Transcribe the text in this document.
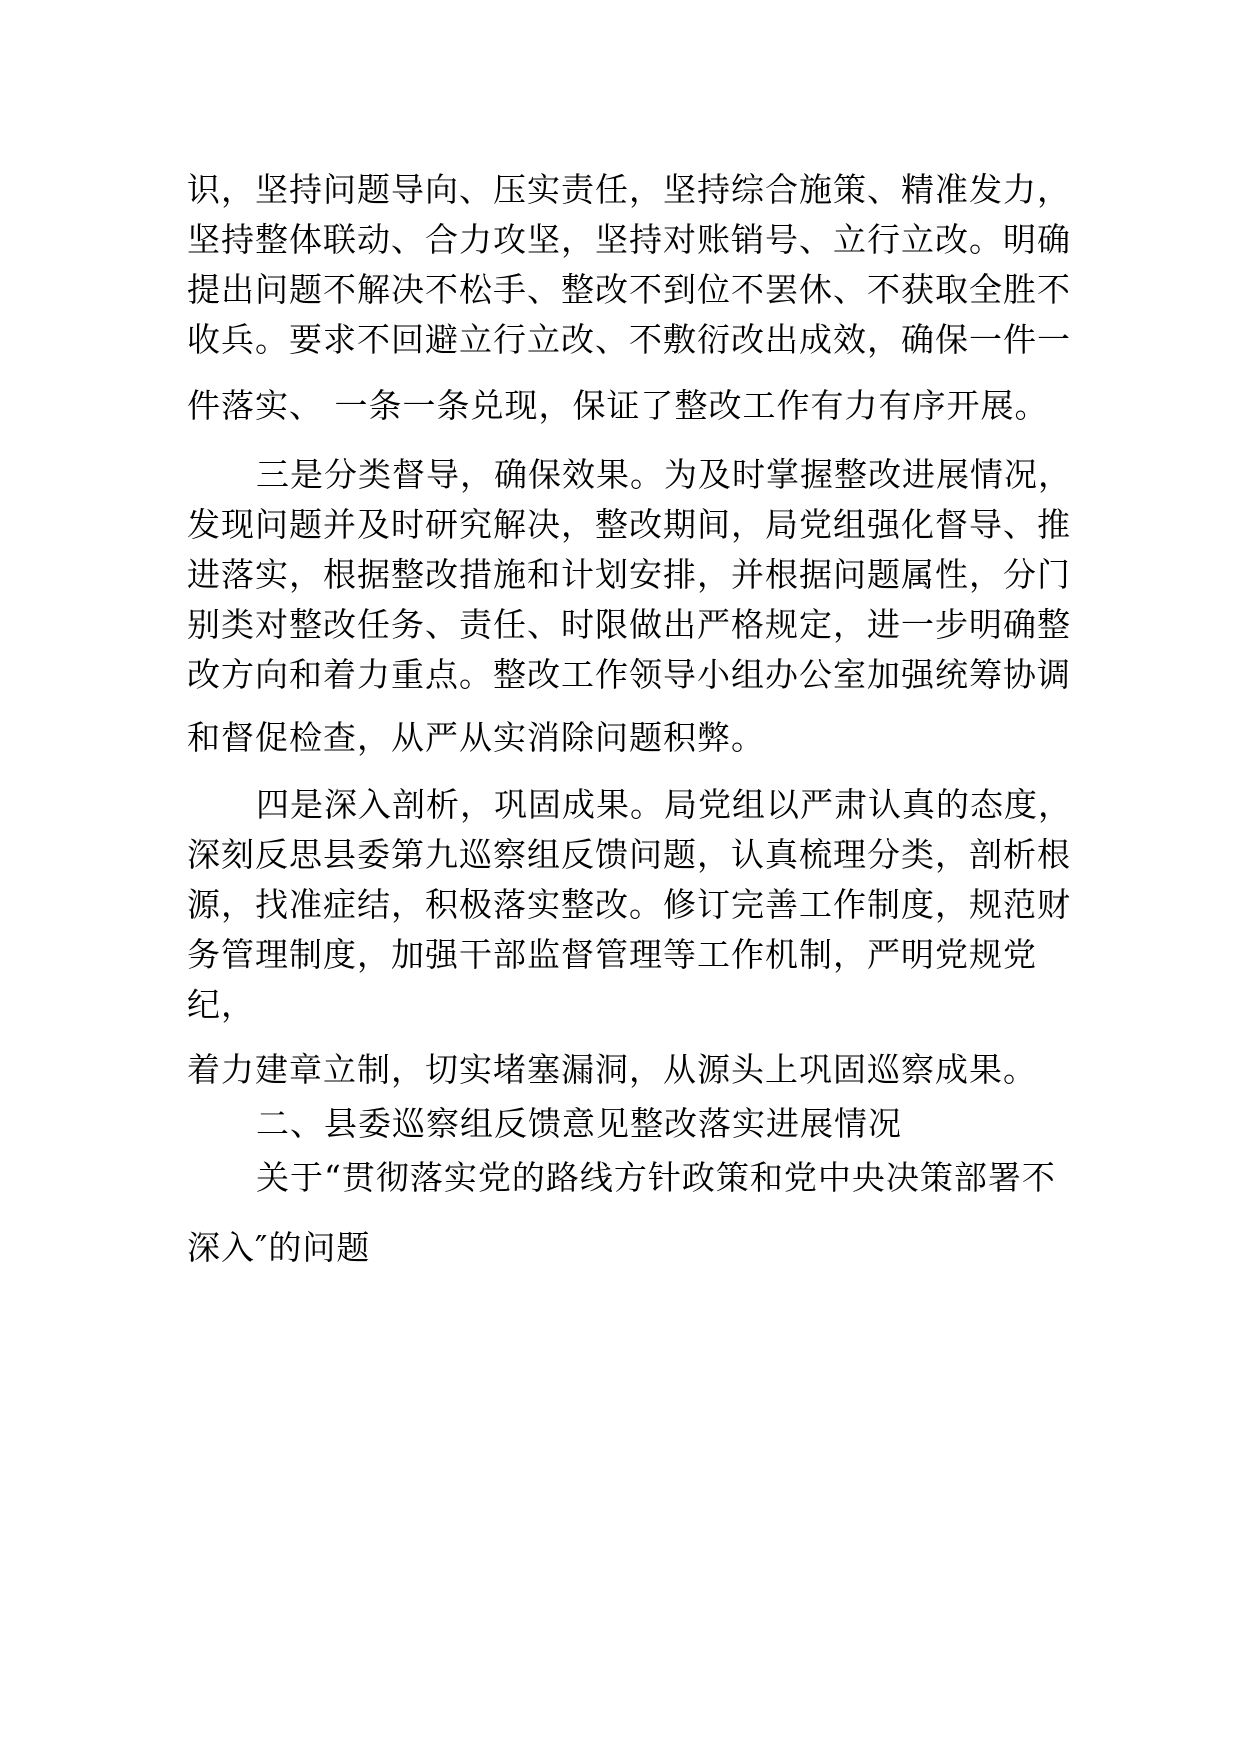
识，坚持问题导向、压实责任，坚持综合施策、精准发力，
坚持整体联动、合力攻坚，坚持对账销号、立行立改。明确
提出问题不解决不松手、整改不到位不罢休、不获取全胜不
收兵。要求不回避立行立改、不敷衍改出成效，确保一件一
件落实、 一条一条兑现，保证了整改工作有力有序开展。
三是分类督导，确保效果。为及时掌握整改进展情况，
发现问题并及时研究解决，整改期间，局党组强化督导、推
进落实，根据整改措施和计划安排，并根据问题属性，分门
别类对整改任务、责任、时限做出严格规定，进一步明确整
改方向和着力重点。整改工作领导小组办公室加强统筹协调
和督促检查，从严从实消除问题积弊。
四是深入剖析，巩固成果。局党组以严肃认真的态度，
深刻反思县委第九巡察组反馈问题，认真梳理分类，剖析根
源，找准症结，积极落实整改。修订完善工作制度，规范财
务管理制度，加强干部监督管理等工作机制，严明党规党
纪，
着力建章立制，切实堵塞漏洞，从源头上巩固巡察成果。
二、县委巡察组反馈意见整改落实进展情况
关于“贯彻落实党的路线方针政策和党中央决策部署不
深入″的问题
